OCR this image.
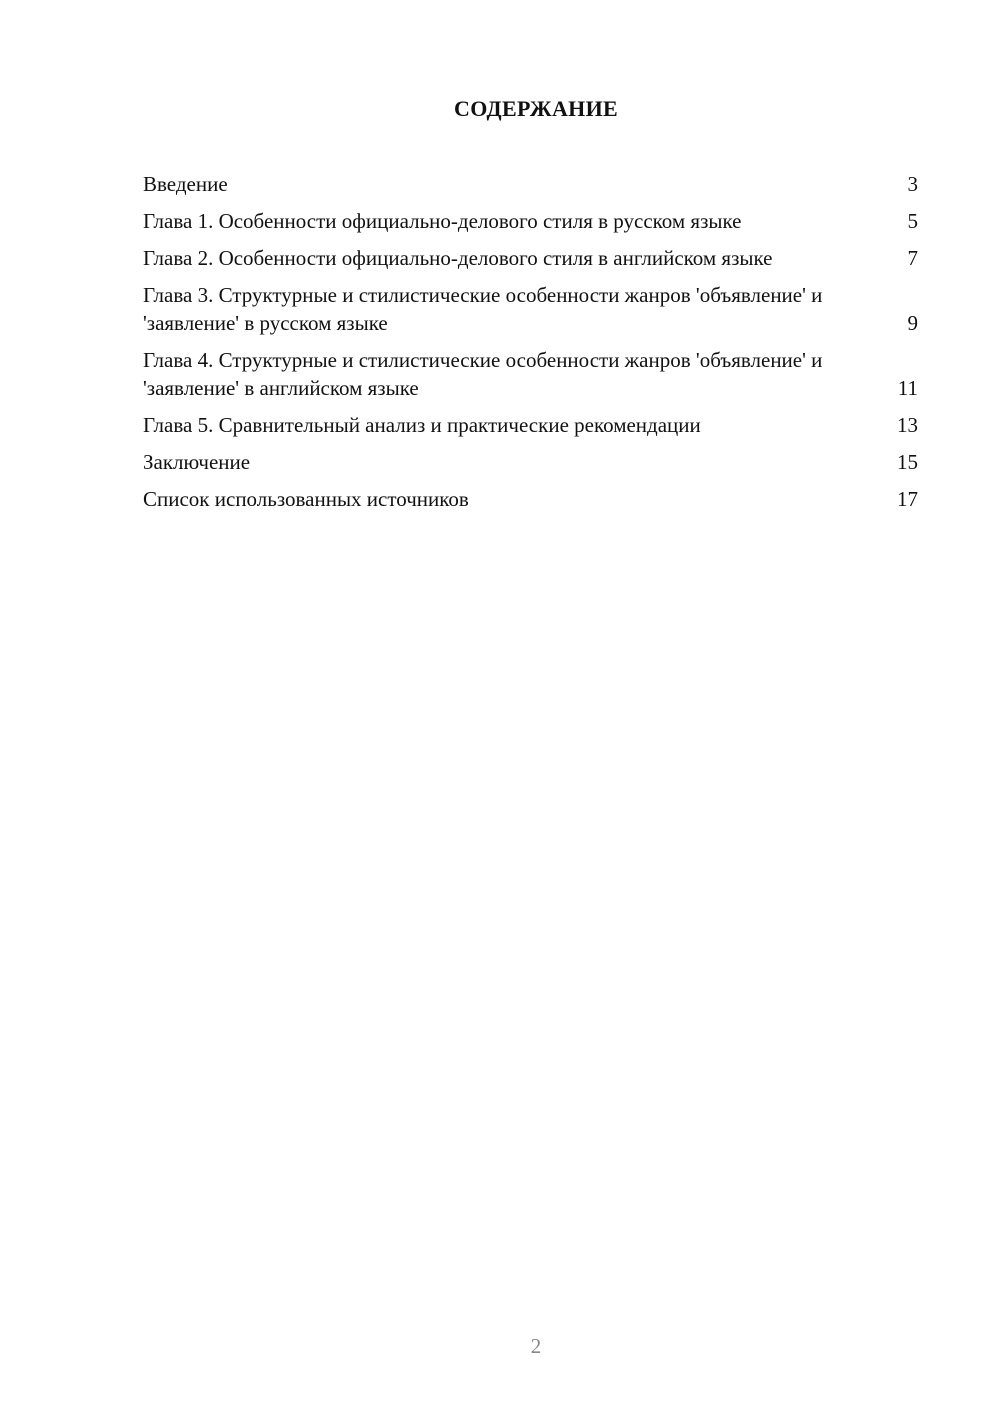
СОДЕРЖАНИЕ
Введение	3
Глава 1. Особенности официально-делового стиля в русском языке	5
Глава 2. Особенности официально-делового стиля в английском языке	7
Глава 3. Структурные и стилистические особенности жанров 'объявление' и 'заявление' в русском языке	9
Глава 4. Структурные и стилистические особенности жанров 'объявление' и 'заявление' в английском языке	11
Глава 5. Сравнительный анализ и практические рекомендации	13
Заключение	15
Список использованных источников	17
2
